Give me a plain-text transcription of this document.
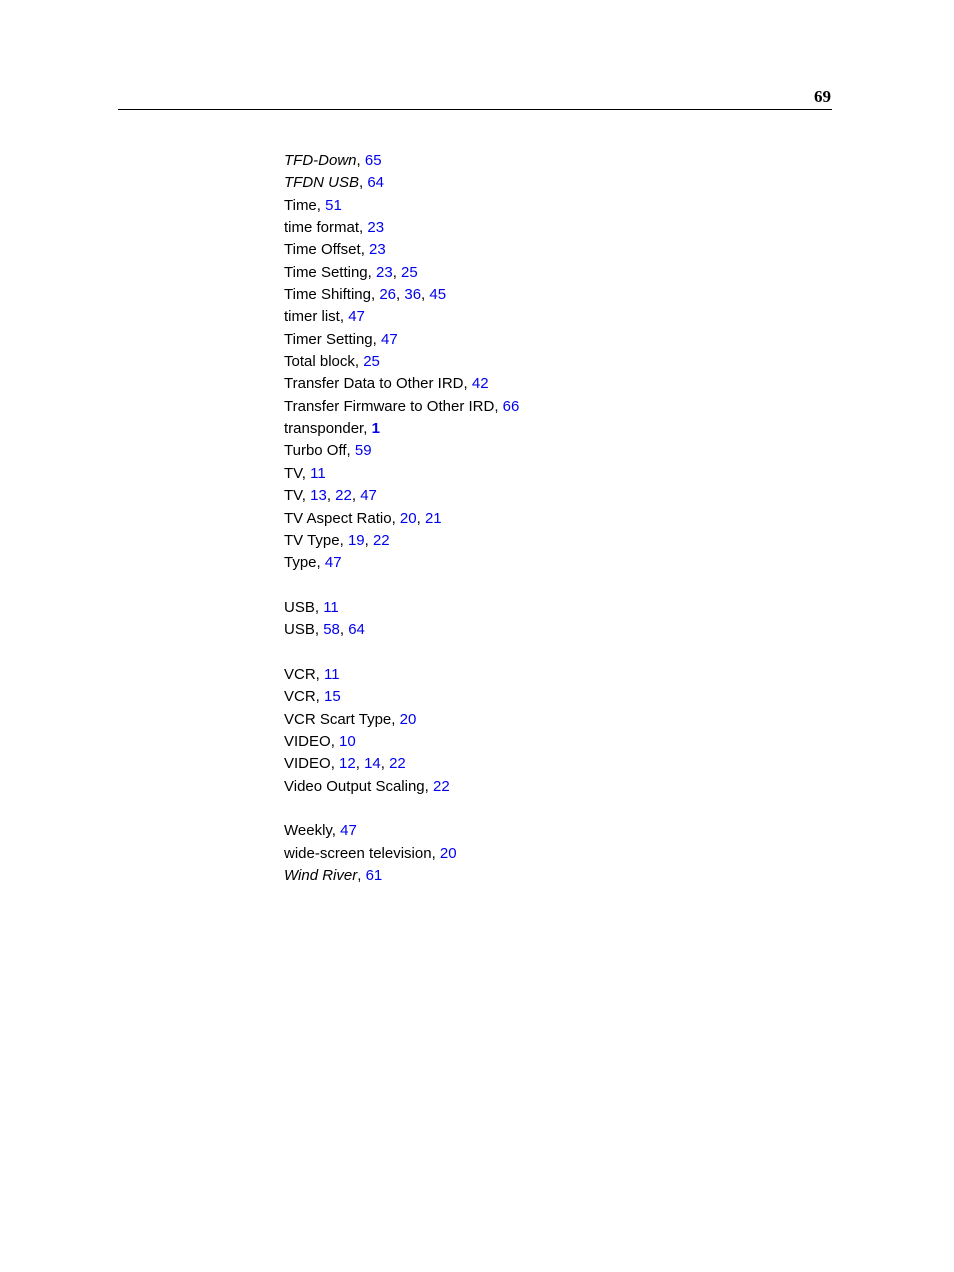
69
TFD-Down, 65
TFDN USB, 64
Time, 51
time format, 23
Time Offset, 23
Time Setting, 23, 25
Time Shifting, 26, 36, 45
timer list, 47
Timer Setting, 47
Total block, 25
Transfer Data to Other IRD, 42
Transfer Firmware to Other IRD, 66
transponder, 1
Turbo Off, 59
TV, 11
TV, 13, 22, 47
TV Aspect Ratio, 20, 21
TV Type, 19, 22
Type, 47
USB, 11
USB, 58, 64
VCR, 11
VCR, 15
VCR Scart Type, 20
VIDEO, 10
VIDEO, 12, 14, 22
Video Output Scaling, 22
Weekly, 47
wide-screen television, 20
Wind River, 61
